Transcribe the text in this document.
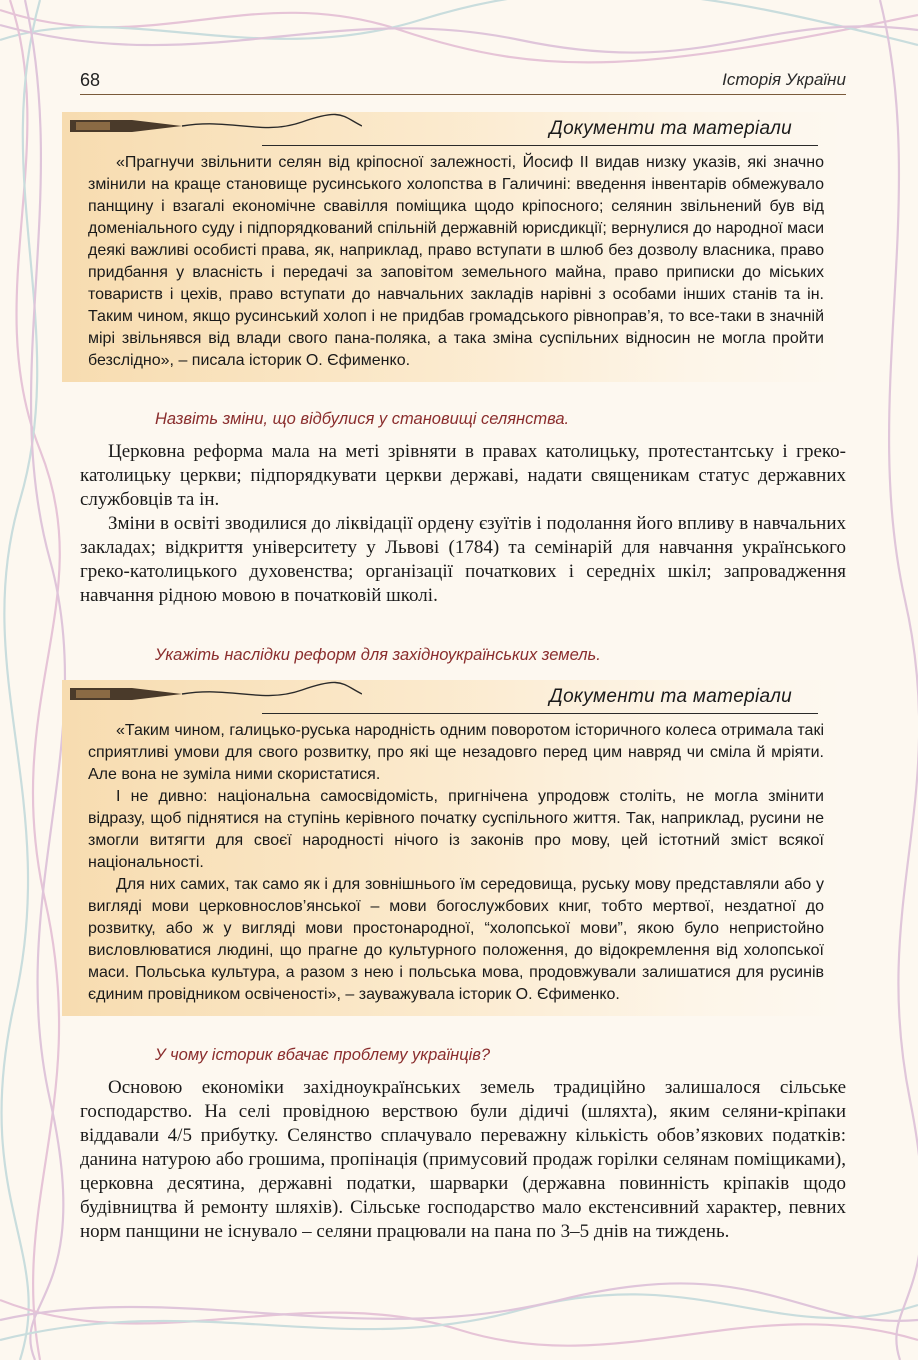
68	Історія України
Документи та матеріали

«Прагнучи звільнити селян від кріпосної залежності, Йосиф II видав низку указів, які значно змінили на краще становище русинського холопства в Галичині: введення інвентарів обмежувало панщину і взагалі економічне свавілля поміщика щодо кріпосного; селянин звільнений був від доменіального суду і підпорядкований спільній державній юрисдикції; вернулися до народної маси деякі важливі особисті права, як, наприклад, право вступати в шлюб без дозволу власника, право придбання у власність і передачі за заповітом земельного майна, право приписки до міських товариств і цехів, право вступати до навчальних закладів нарівні з особами інших станів та ін. Таким чином, якщо русинський холоп і не придбав громадського рівноправ’я, то все-таки в значній мірі звільнявся від влади свого пана-поляка, а така зміна суспільних відносин не могла пройти безслідно», – писала історик О. Єфименко.

Назвіть зміни, що відбулися у становищі селянства.

Церковна реформа мала на меті зрівняти в правах католицьку, протестантську і греко-католицьку церкви; підпорядкувати церкви державі, надати священикам статус державних службовців та ін.

Зміни в освіті зводилися до ліквідації ордену єзуїтів і подолання його впливу в навчальних закладах; відкриття університету у Львові (1784) та семінарій для навчання українського греко-католицького духовенства; організації початкових і середніх шкіл; запровадження навчання рідною мовою в початковій школі.

Укажіть наслідки реформ для західноукраїнських земель.
Документи та матеріали

«Таким чином, галицько-руська народність одним поворотом історичного колеса отримала такі сприятливі умови для свого розвитку, про які ще незадовго перед цим навряд чи сміла й мріяти. Але вона не зуміла ними скористатися.

І не дивно: національна самосвідомість, пригнічена упродовж століть, не могла змінити відразу, щоб піднятися на ступінь керівного початку суспільного життя. Так, наприклад, русини не змогли витягти для своєї народності нічого із законів про мову, цей істотний зміст всякої національності.

Для них самих, так само як і для зовнішнього їм середовища, руську мову представляли або у вигляді мови церковнослов’янської – мови богослужбових книг, тобто мертвої, нездатної до розвитку, або ж у вигляді мови простонародної, “холопської мови”, якою було непристойно висловлюватися людині, що прагне до культурного положення, до відокремлення від холопської маси. Польська культура, а разом з нею і польська мова, продовжували залишатися для русинів єдиним провідником освіченості», – зауважувала історик О. Єфименко.

У чому історик вбачає проблему українців?

Основою економіки західноукраїнських земель традиційно залишалося сільське господарство. На селі провідною верствою були дідичі (шляхта), яким селяни-кріпаки віддавали 4/5 прибутку. Селянство сплачувало переважну кількість обов’язкових податків: данина натурою або грошима, пропінація (примусовий продаж горілки селянам поміщиками), церковна десятина, державні податки, шарварки (державна повинність кріпаків щодо будівництва й ремонту шляхів). Сільське господарство мало екстенсивний характер, певних норм панщини не існувало – селяни працювали на пана по 3–5 днів на тиждень.
